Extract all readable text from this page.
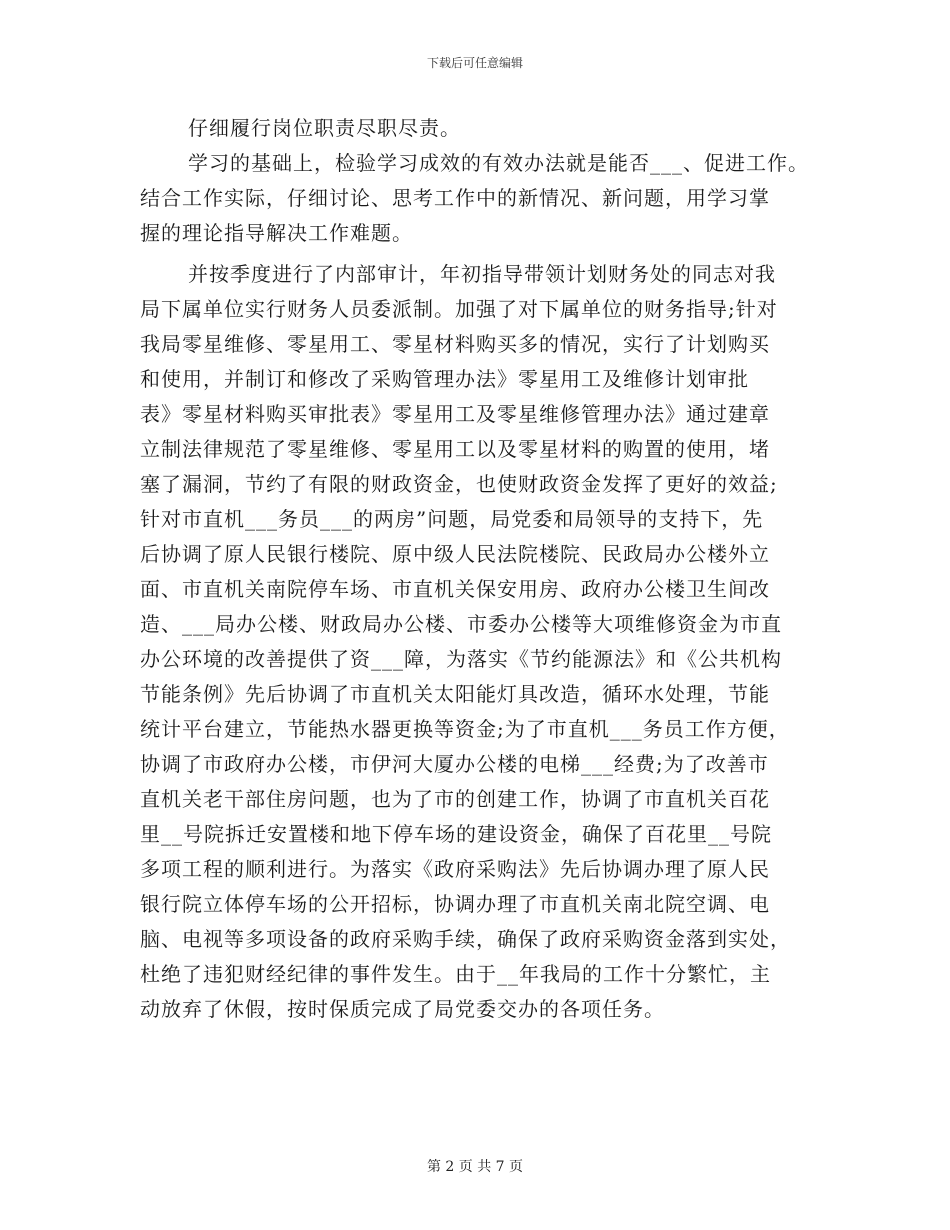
下载后可任意编辑
仔细履行岗位职责尽职尽责。
学习的基础上，检验学习成效的有效办法就是能否___、促进工作。
结合工作实际，仔细讨论、思考工作中的新情况、新问题，用学习掌
握的理论指导解决工作难题。
并按季度进行了内部审计，年初指导带领计划财务处的同志对我
局下属单位实行财务人员委派制。加强了对下属单位的财务指导;针对
我局零星维修、零星用工、零星材料购买多的情况，实行了计划购买
和使用，并制订和修改了采购管理办法》零星用工及维修计划审批
表》零星材料购买审批表》零星用工及零星维修管理办法》通过建章
立制法律规范了零星维修、零星用工以及零星材料的购置的使用，堵
塞了漏洞，节约了有限的财政资金，也使财政资金发挥了更好的效益;
针对市直机___务员___的两房”问题，局党委和局领导的支持下，先
后协调了原人民银行楼院、原中级人民法院楼院、民政局办公楼外立
面、市直机关南院停车场、市直机关保安用房、政府办公楼卫生间改
造、___局办公楼、财政局办公楼、市委办公楼等大项维修资金为市直
办公环境的改善提供了资___障，为落实《节约能源法》和《公共机构
节能条例》先后协调了市直机关太阳能灯具改造，循环水处理，节能
统计平台建立，节能热水器更换等资金;为了市直机___务员工作方便，
协调了市政府办公楼，市伊河大厦办公楼的电梯___经费;为了改善市
直机关老干部住房问题，也为了市的创建工作，协调了市直机关百花
里__号院拆迁安置楼和地下停车场的建设资金，确保了百花里__号院
多项工程的顺利进行。为落实《政府采购法》先后协调办理了原人民
银行院立体停车场的公开招标，协调办理了市直机关南北院空调、电
脑、电视等多项设备的政府采购手续，确保了政府采购资金落到实处，
杜绝了违犯财经纪律的事件发生。由于__年我局的工作十分繁忙，主
动放弃了休假，按时保质完成了局党委交办的各项任务。
第 2 页 共 7 页
